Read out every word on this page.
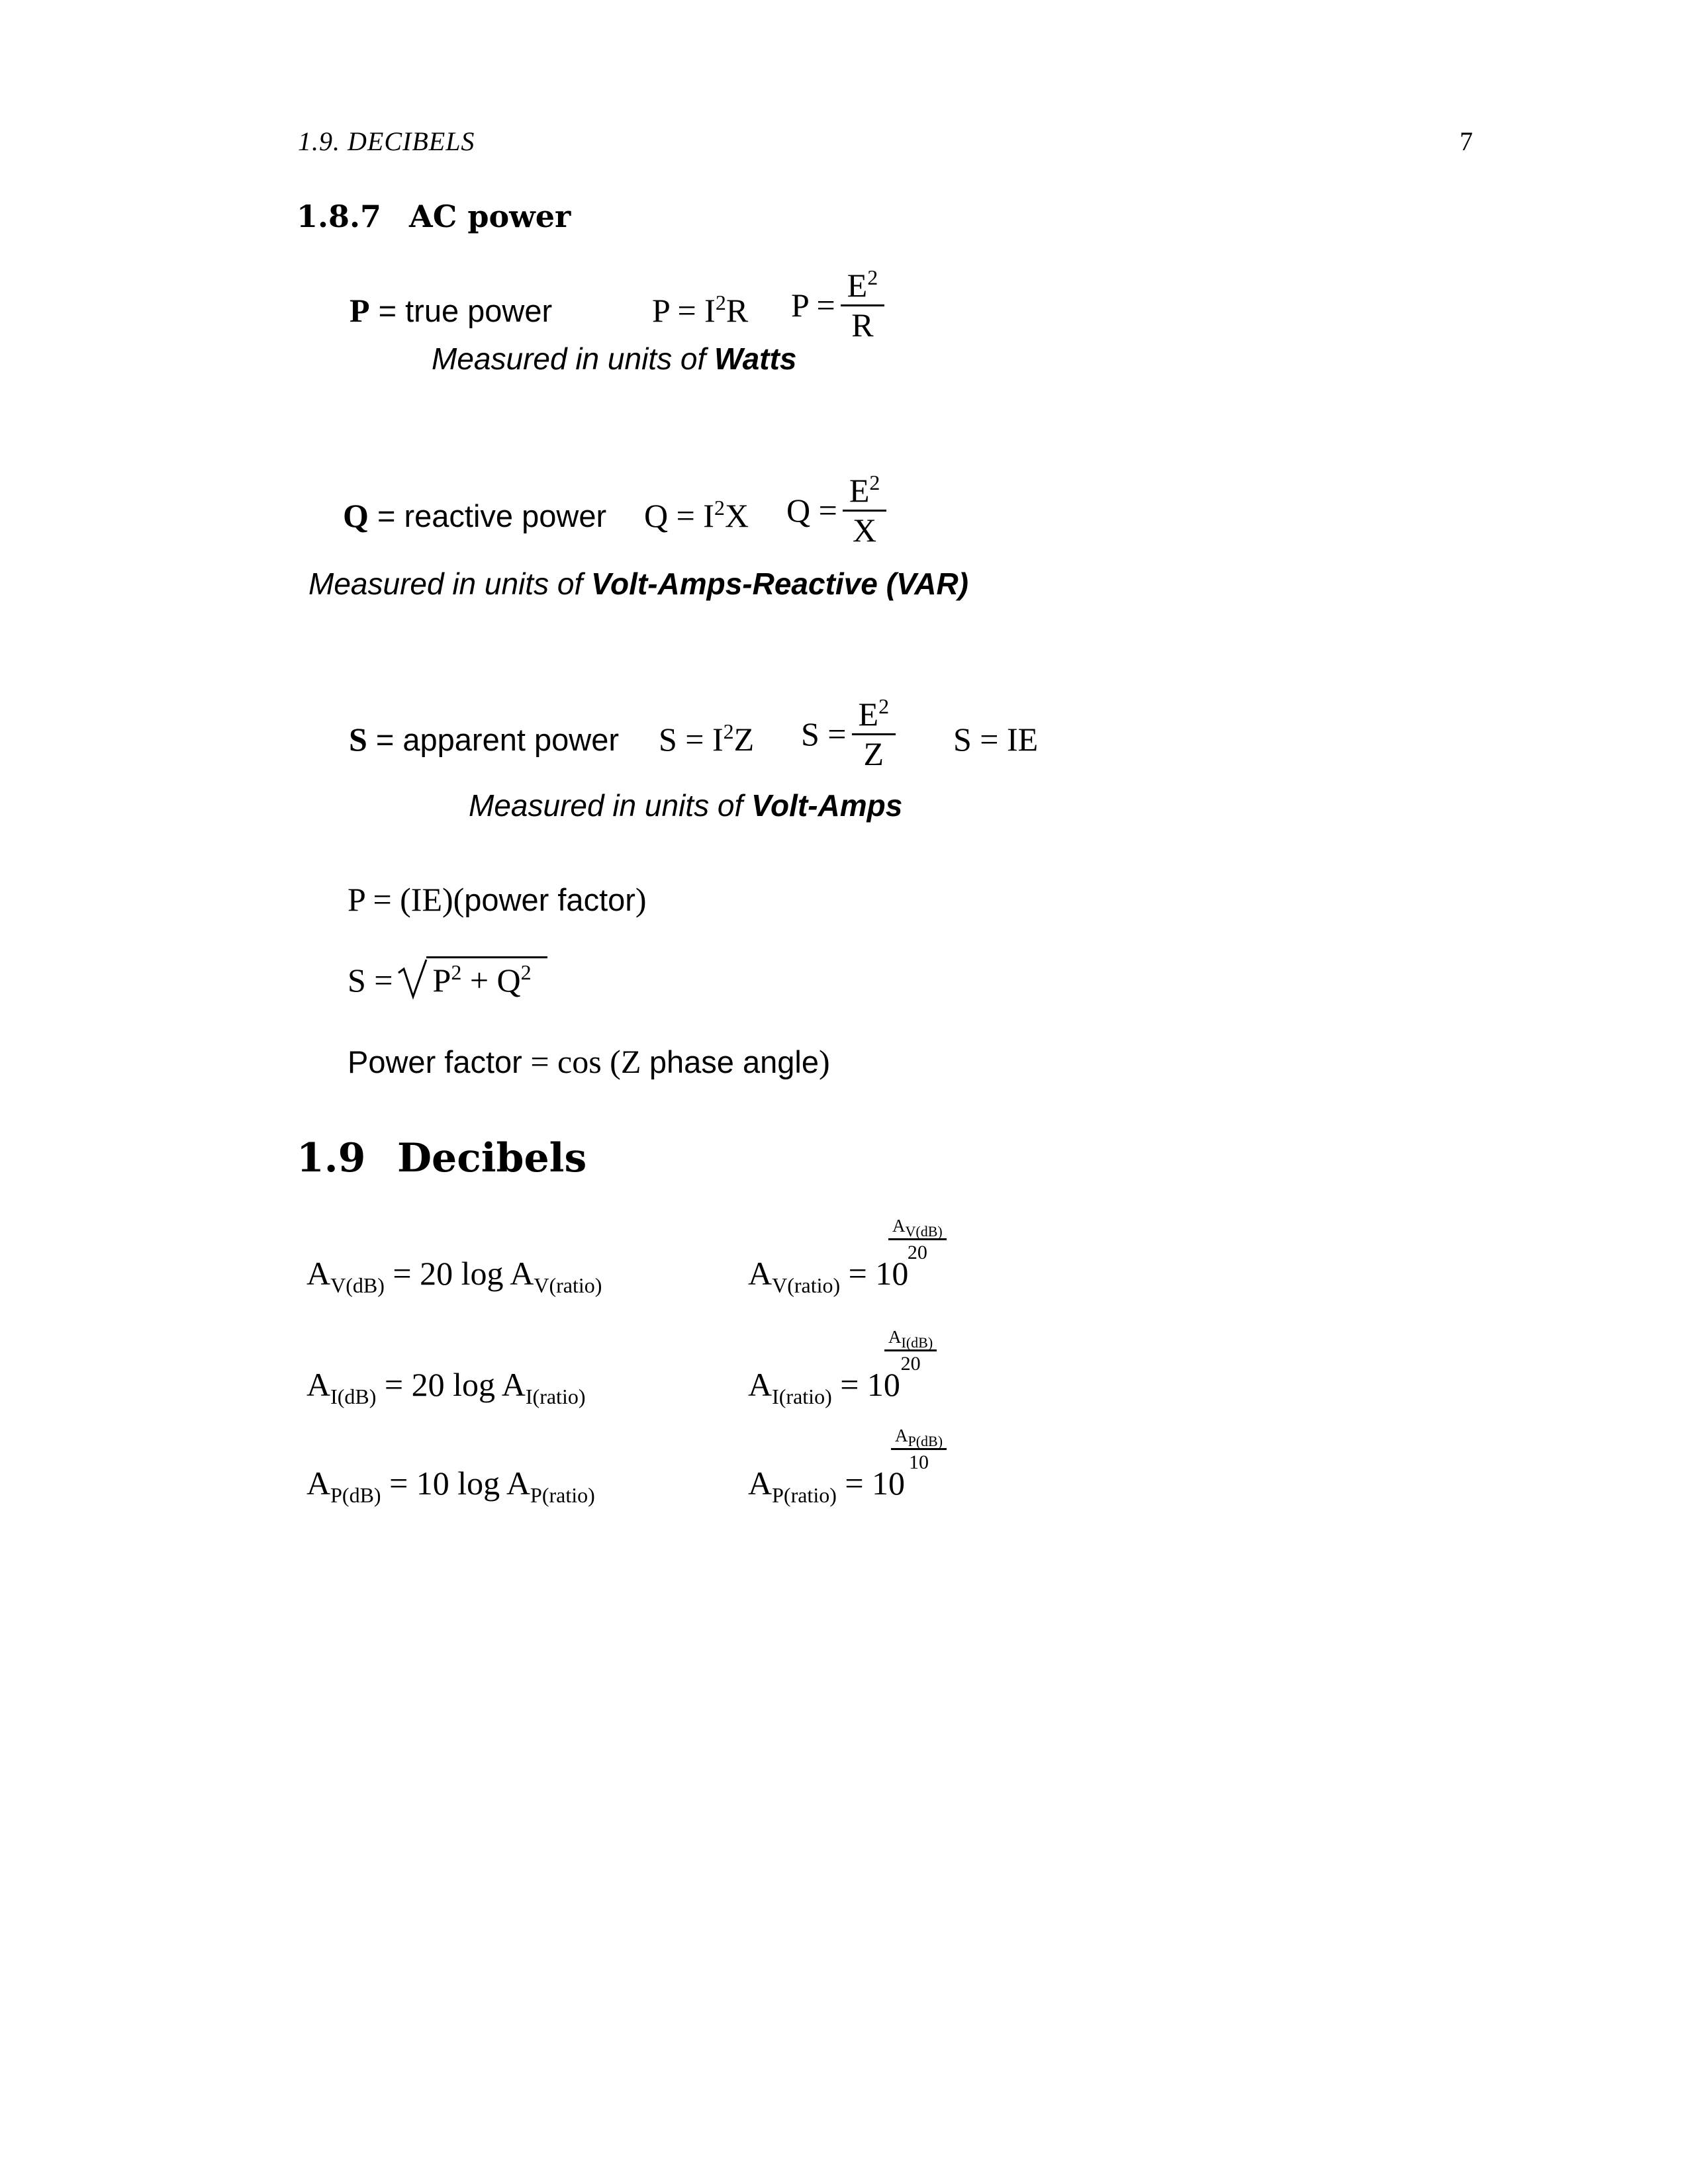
1.9. DECIBELS	7
1.8.7 AC power
P = true power	$P = I^2R$ $P = \frac{E^2}{R}$
Measured in units of Watts
Q = reactive power $Q = I^2X$ $Q = \frac{E^2}{X}$
Measured in units of Volt-Amps-Reactive (VAR)
S = apparent power $S = I^2Z$ $S = \frac{E^2}{Z}$ S = IE
Measured in units of Volt-Amps
P = (IE)(power factor)
$S = P^2 + Q^2$
Power factor = cos (Z phase angle)
1.9 Decibels
$A_{V(dB)} = 20$ $\log A_{V(ratio)}$	$A_{V(ratio)} = 10$
$\frac{A_{V(dB)}}{20}$
$A_{I(dB)} = 20$ $\log A_{I(ratio)}$	$A_{I(ratio)} = 10$
$\frac{A_{I(dB)}}{20}$
$A_{P(dB)} = 10$ $\log A_{P(ratio)}$	$A_{P(ratio)} = 10$
$\frac{A_{P(dB)}}{10}$
